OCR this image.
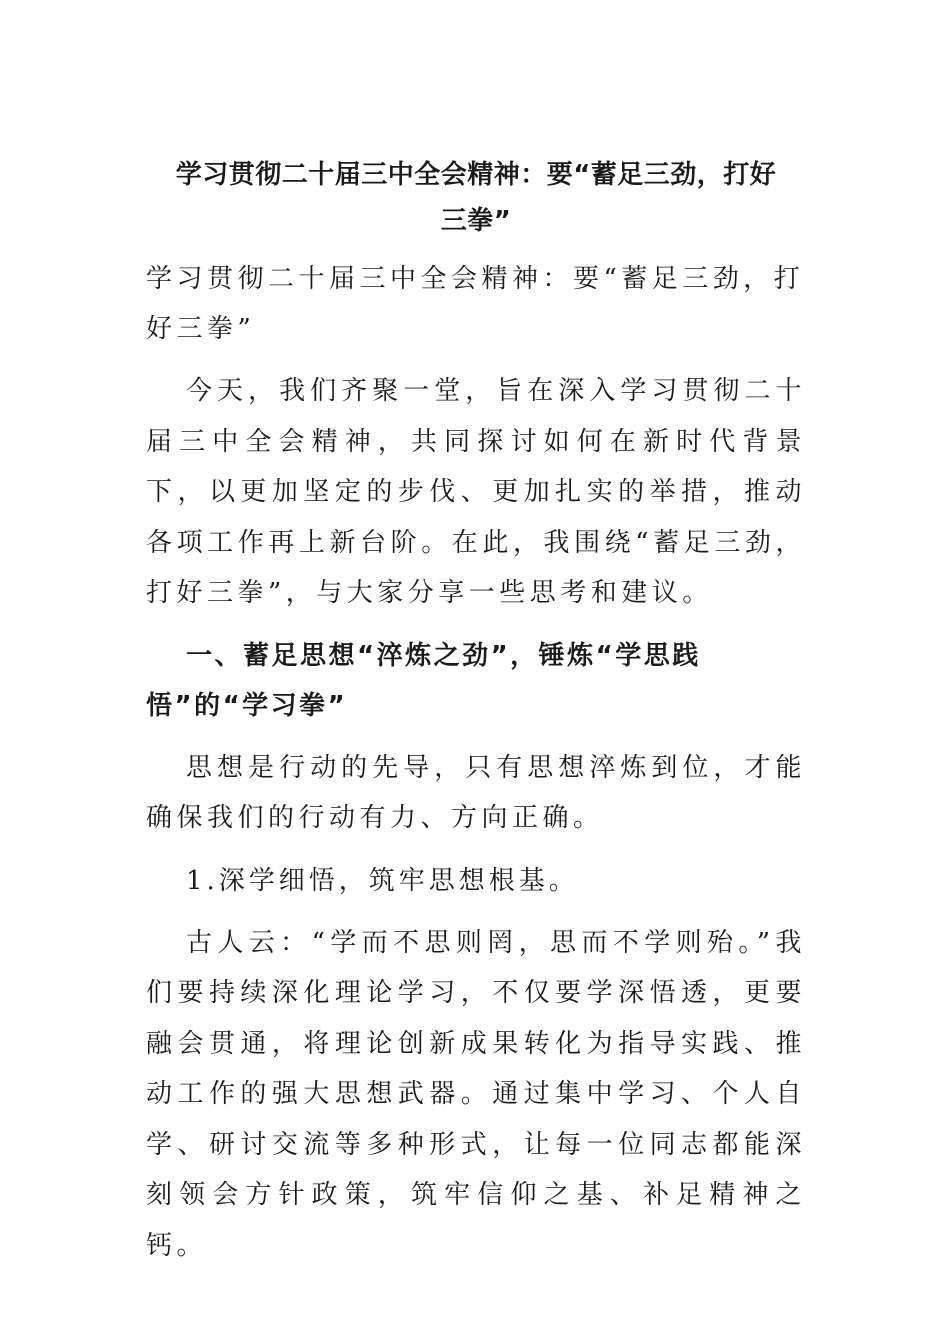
学习贯彻二十届三中全会精神：要“蓄足三劲，打好三拳”

学习贯彻二十届三中全会精神：要“蓄足三劲，打好三拳”

今天，我们齐聚一堂，旨在深入学习贯彻二十届三中全会精神，共同探讨如何在新时代背景下，以更加坚定的步伐、更加扎实的举措，推动各项工作再上新台阶。在此，我围绕“蓄足三劲，打好三拳”，与大家分享一些思考和建议。

一、蓄足思想“淬炼之劲”，锤炼“学思践悟”的“学习拳”

思想是行动的先导，只有思想淬炼到位，才能确保我们的行动有力、方向正确。

1.深学细悟，筑牢思想根基。

古人云：“学而不思则罔，思而不学则殆。”我们要持续深化理论学习，不仅要学深悟透，更要融会贯通，将理论创新成果转化为指导实践、推动工作的强大思想武器。通过集中学习、个人自学、研讨交流等多种形式，让每一位同志都能深刻领会方针政策，筑牢信仰之基、补足精神之钙。
